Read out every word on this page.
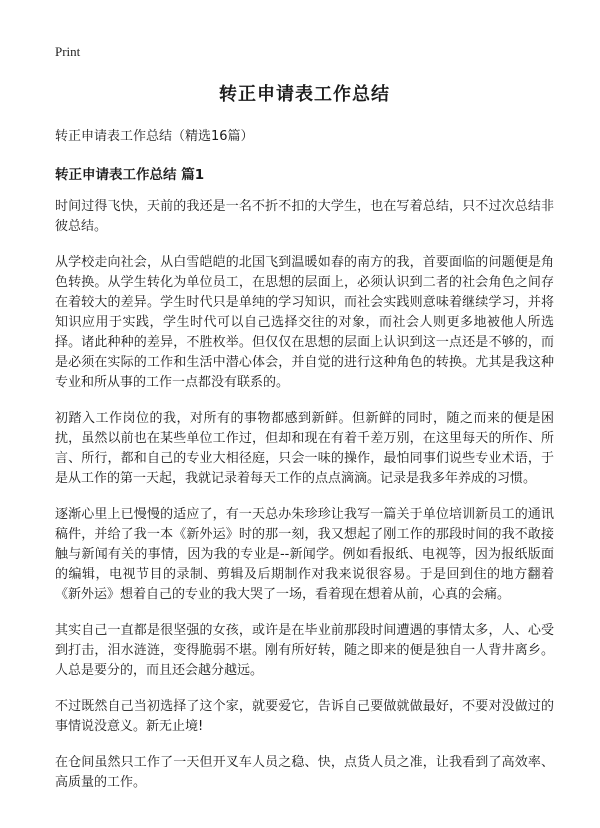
Print
转正申请表工作总结
转正申请表工作总结（精选16篇）
转正申请表工作总结 篇1

时间过得飞快，天前的我还是一名不折不扣的大学生，也在写着总结，只不过次总结非彼总结。

从学校走向社会，从白雪皑皑的北国飞到温暖如春的南方的我，首要面临的问题便是角色转换。从学生转化为单位员工，在思想的层面上，必须认识到二者的社会角色之间存在着较大的差异。学生时代只是单纯的学习知识，而社会实践则意味着继续学习，并将知识应用于实践，学生时代可以自己选择交往的对象，而社会人则更多地被他人所选择。诸此种种的差异，不胜枚举。但仅仅在思想的层面上认识到这一点还是不够的，而是必须在实际的工作和生活中潜心体会，并自觉的进行这种角色的转换。尤其是我这种专业和所从事的工作一点都没有联系的。

初踏入工作岗位的我，对所有的事物都感到新鲜。但新鲜的同时，随之而来的便是困扰，虽然以前也在某些单位工作过，但却和现在有着千差万别，在这里每天的所作、所言、所行，都和自己的专业大相径庭，只会一味的操作，最怕同事们说些专业术语，于是从工作的第一天起，我就记录着每天工作的点点滴滴。记录是我多年养成的习惯。

逐渐心里上已慢慢的适应了，有一天总办朱珍珍让我写一篇关于单位培训新员工的通讯稿件，并给了我一本《新外运》时的那一刻，我又想起了刚工作的那段时间的我不敢接触与新闻有关的事情，因为我的专业是--新闻学。例如看报纸、电视等，因为报纸版面的编辑，电视节目的录制、剪辑及后期制作对我来说很容易。于是回到住的地方翻着《新外运》想着自己的专业的我大哭了一场，看着现在想着从前，心真的会痛。

其实自己一直都是很坚强的女孩，或许是在毕业前那段时间遭遇的事情太多，人、心受到打击，泪水涟涟，变得脆弱不堪。刚有所好转，随之即来的便是独自一人背井离乡。人总是要分的，而且还会越分越远。

不过既然自己当初选择了这个家，就要爱它，告诉自己要做就做最好，不要对没做过的事情说没意义。新无止境!

在仓间虽然只工作了一天但开叉车人员之稳、快，点货人员之准，让我看到了高效率、高质量的工作。
